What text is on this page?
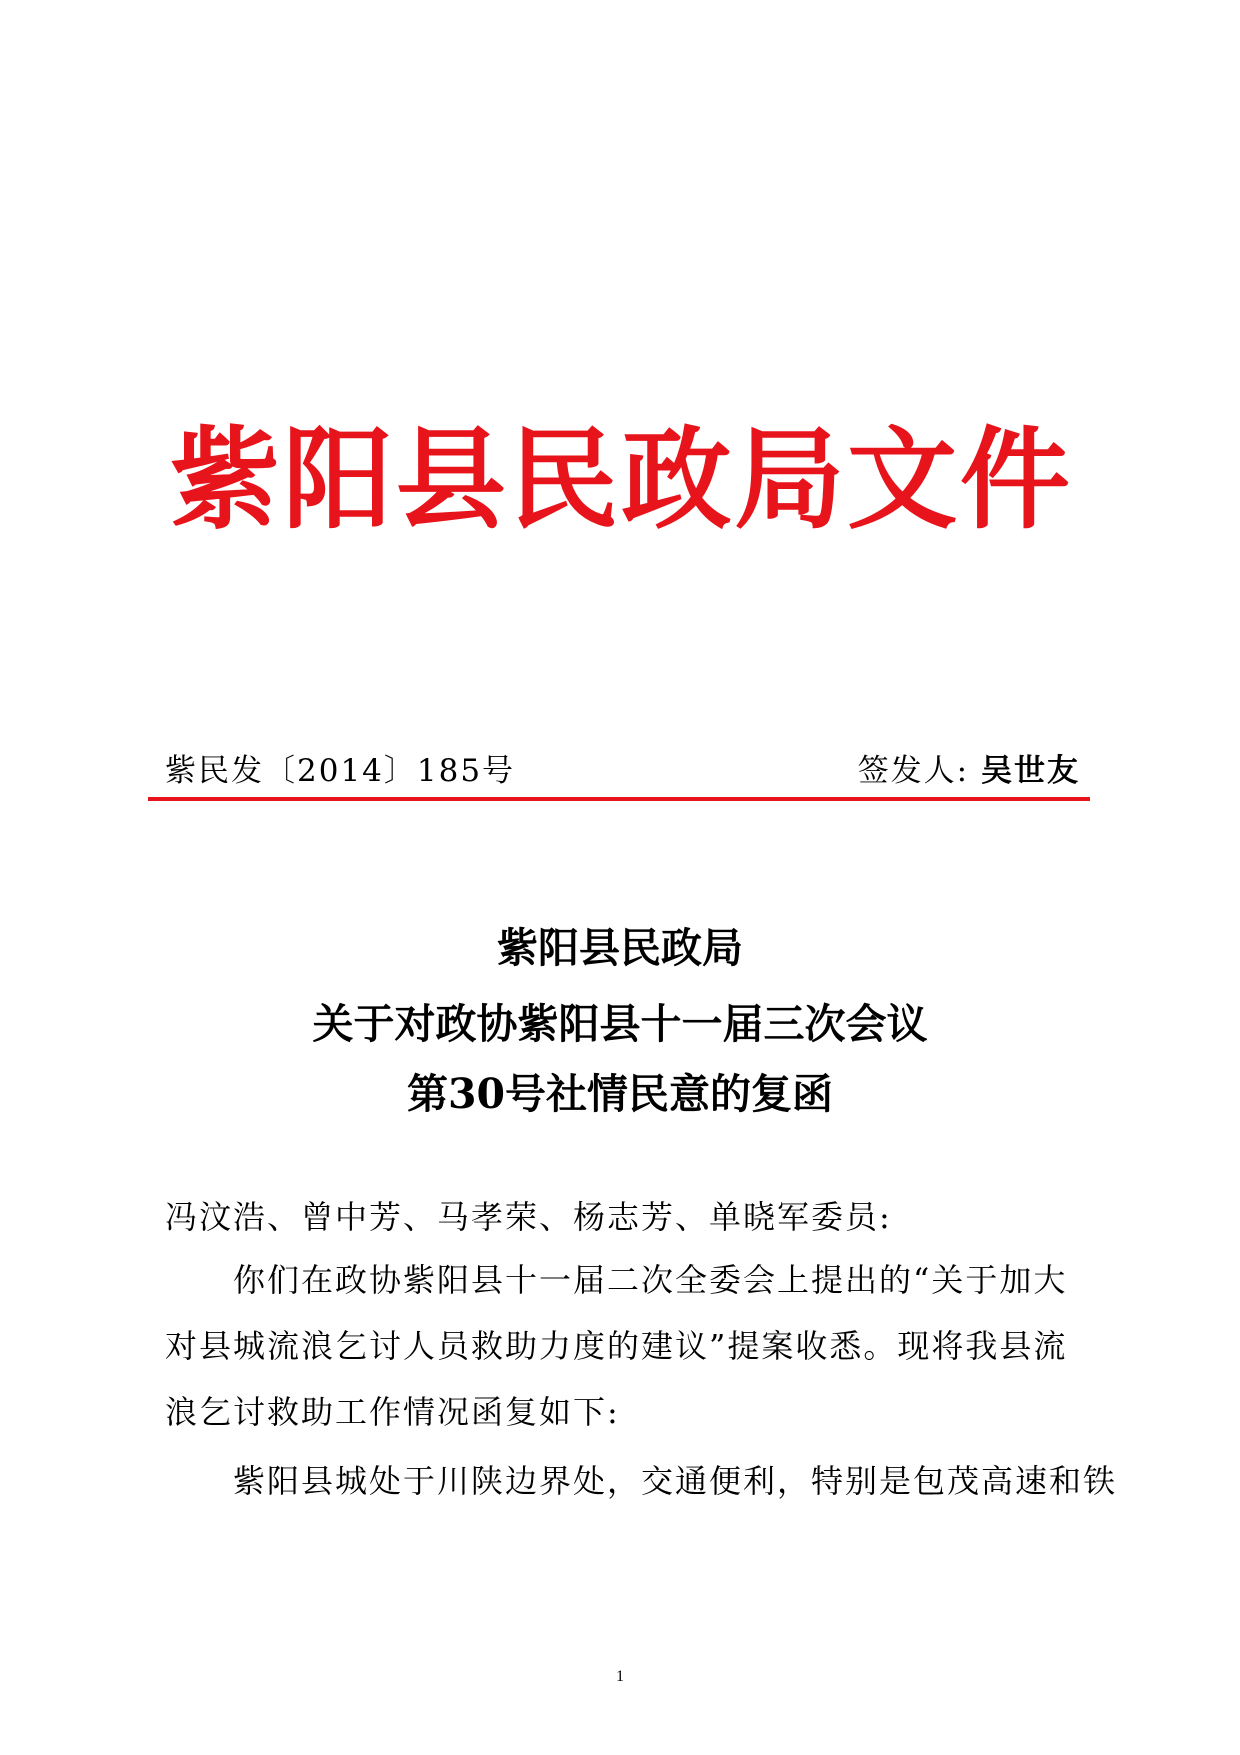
紫 阳 县 民 政 局 文 件
紫民发〔2014〕185号	签发人: 吴世友
紫阳县民政局
关于对政协紫阳县十一届三次会议
第30号社情民意的复函
冯汶浩、曾中芳、马孝荣、杨志芳、单晓军委员:
你们在政协紫阳县十一届二次全委会上提出的“关于加大对县城流浪乞讨人员救助力度的建议”提案收悉。现将我县流浪乞讨救助工作情况函复如下:
紫阳县城处于川陕边界处，交通便利，特别是包茂高速和铁
1
